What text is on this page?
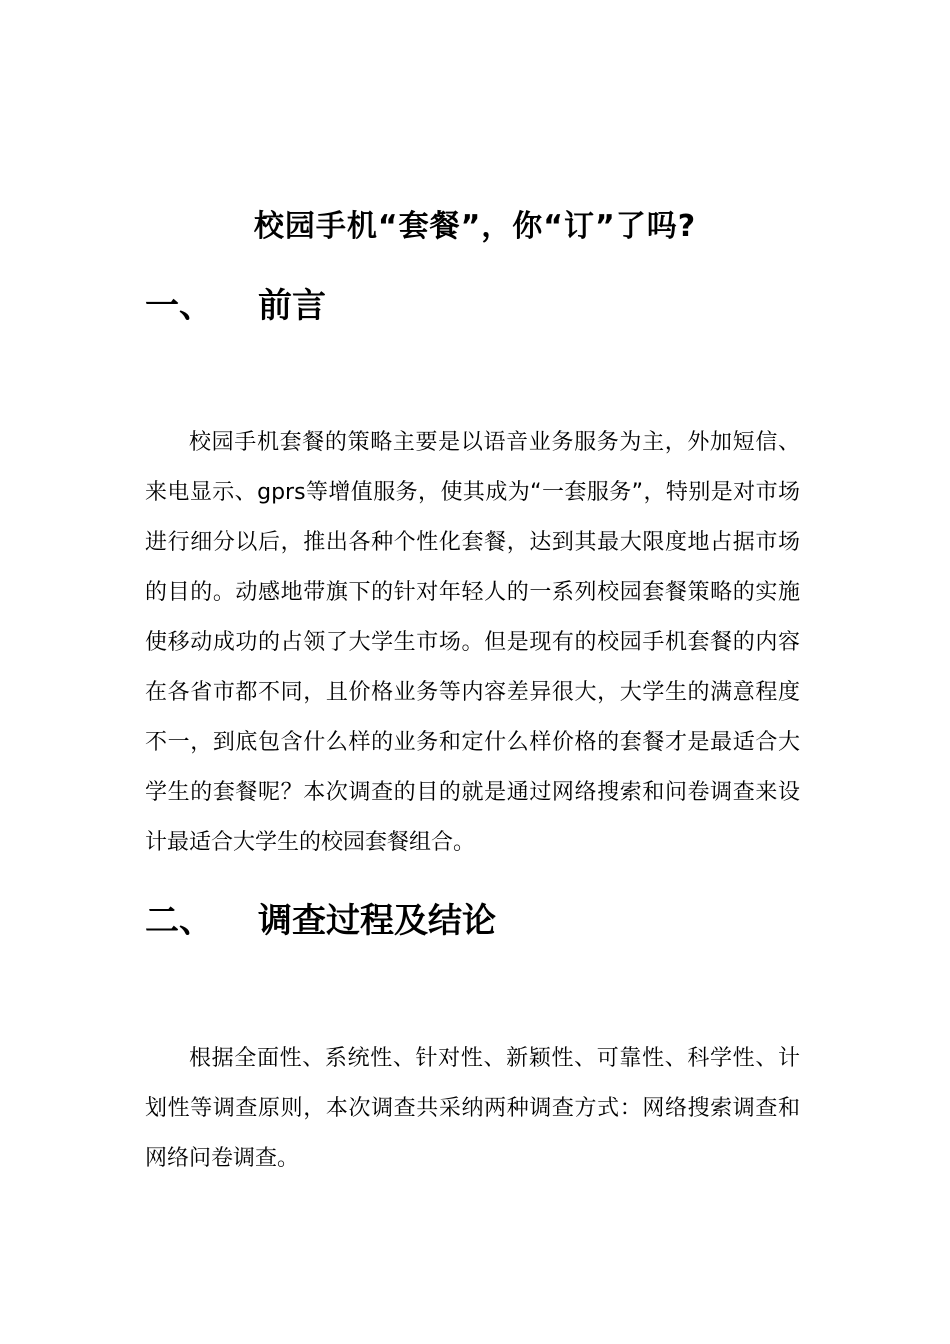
校园手机“套餐”，你“订”了吗?
一、 前言

校园手机套餐的策略主要是以语音业务服务为主，外加短信、来电显示、gprs等增值服务，使其成为“一套服务”，特别是对市场进行细分以后，推出各种个性化套餐，达到其最大限度地占据市场的目的。动感地带旗下的针对年轻人的一系列校园套餐策略的实施使移动成功的占领了大学生市场。但是现有的校园手机套餐的内容在各省市都不同，且价格业务等内容差异很大，大学生的满意程度不一，到底包含什么样的业务和定什么样价格的套餐才是最适合大学生的套餐呢？本次调查的目的就是通过网络搜索和问卷调查来设计最适合大学生的校园套餐组合。

二、 调查过程及结论

根据全面性、系统性、针对性、新颖性、可靠性、科学性、计划性等调查原则，本次调查共采纳两种调查方式：网络搜索调查和网络问卷调查。
